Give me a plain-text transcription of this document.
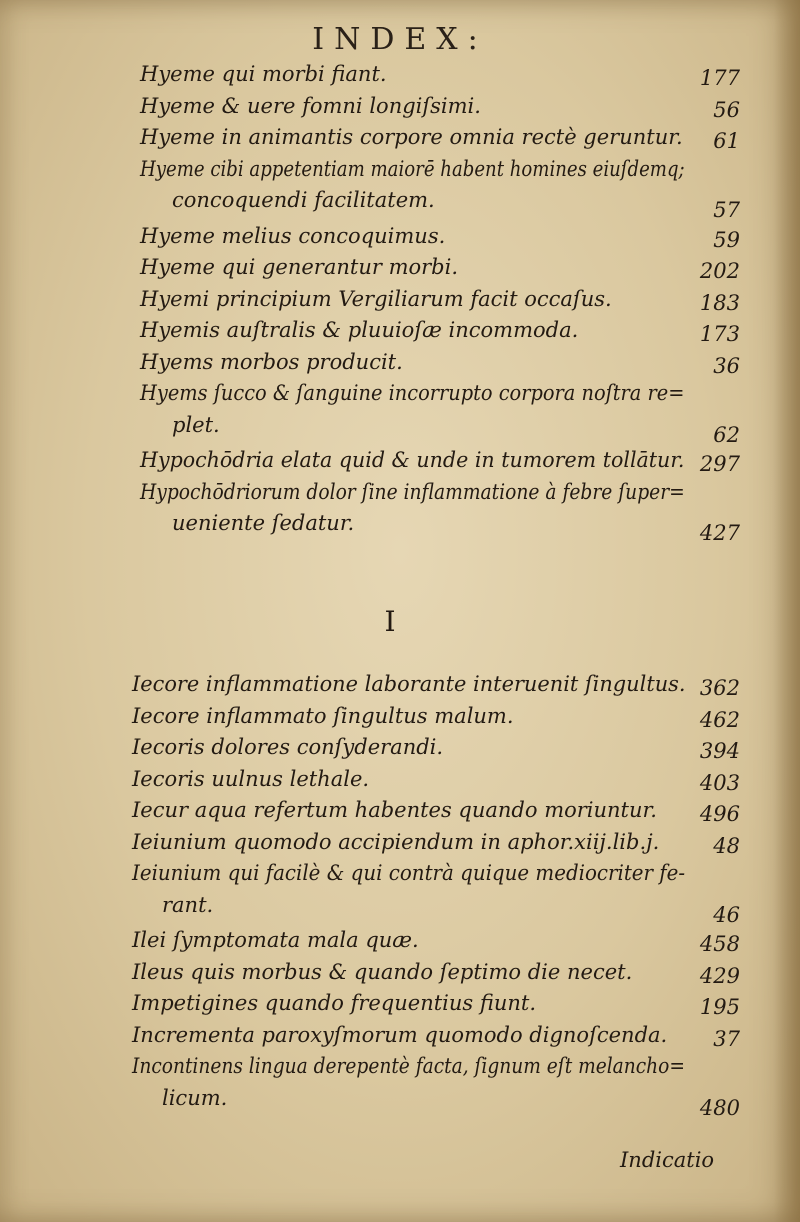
INDEX:
Hyeme qui morbi fiant.	177
Hyeme & uere fomni longiſsimi.	56
Hyeme in animantis corpore omnia rectè geruntur. 61
Hyeme cibi appetentiam maiorē habent homines eiuſdemq;
concoquendi facilitatem.	57
Hyeme melius concoquimus.	59
Hyeme qui generantur morbi.	202
Hyemi principium Vergiliarum facit occaſus.	183
Hyemis auſtralis & pluuioſæ incommoda.	173
Hyems morbos producit.	36
Hyems ſucco & ſanguine incorrupto corpora noſtra re=
plet.	62
Hypochōdria elata quid & unde in tumorem tollātur. 297
Hypochōdriorum dolor ſine inflammatione à febre ſuper=
ueniente ſedatur.	427
I
Iecore inflammatione laborante interuenit ſingultus. 362
Iecore inflammato ſingultus malum.	462
Iecoris dolores conſyderandi.	394
Iecoris uulnus lethale.	403
Iecur aqua refertum habentes quando moriuntur. 496
Ieiunium quomodo accipiendum in aphor.xiij.lib.j.	48
Ieiunium qui facilè & qui contrà quique mediocriter fe-
rant.	46
Ilei ſymptomata mala quæ.	458
Ileus quis morbus & quando ſeptimo die necet.	429
Impetigines quando frequentius fiunt.	195
Incrementa paroxyſmorum quomodo dignoſcenda. 37
Incontinens lingua derepentè facta, ſignum eſt melancho=
licum.	480
Indicatio
